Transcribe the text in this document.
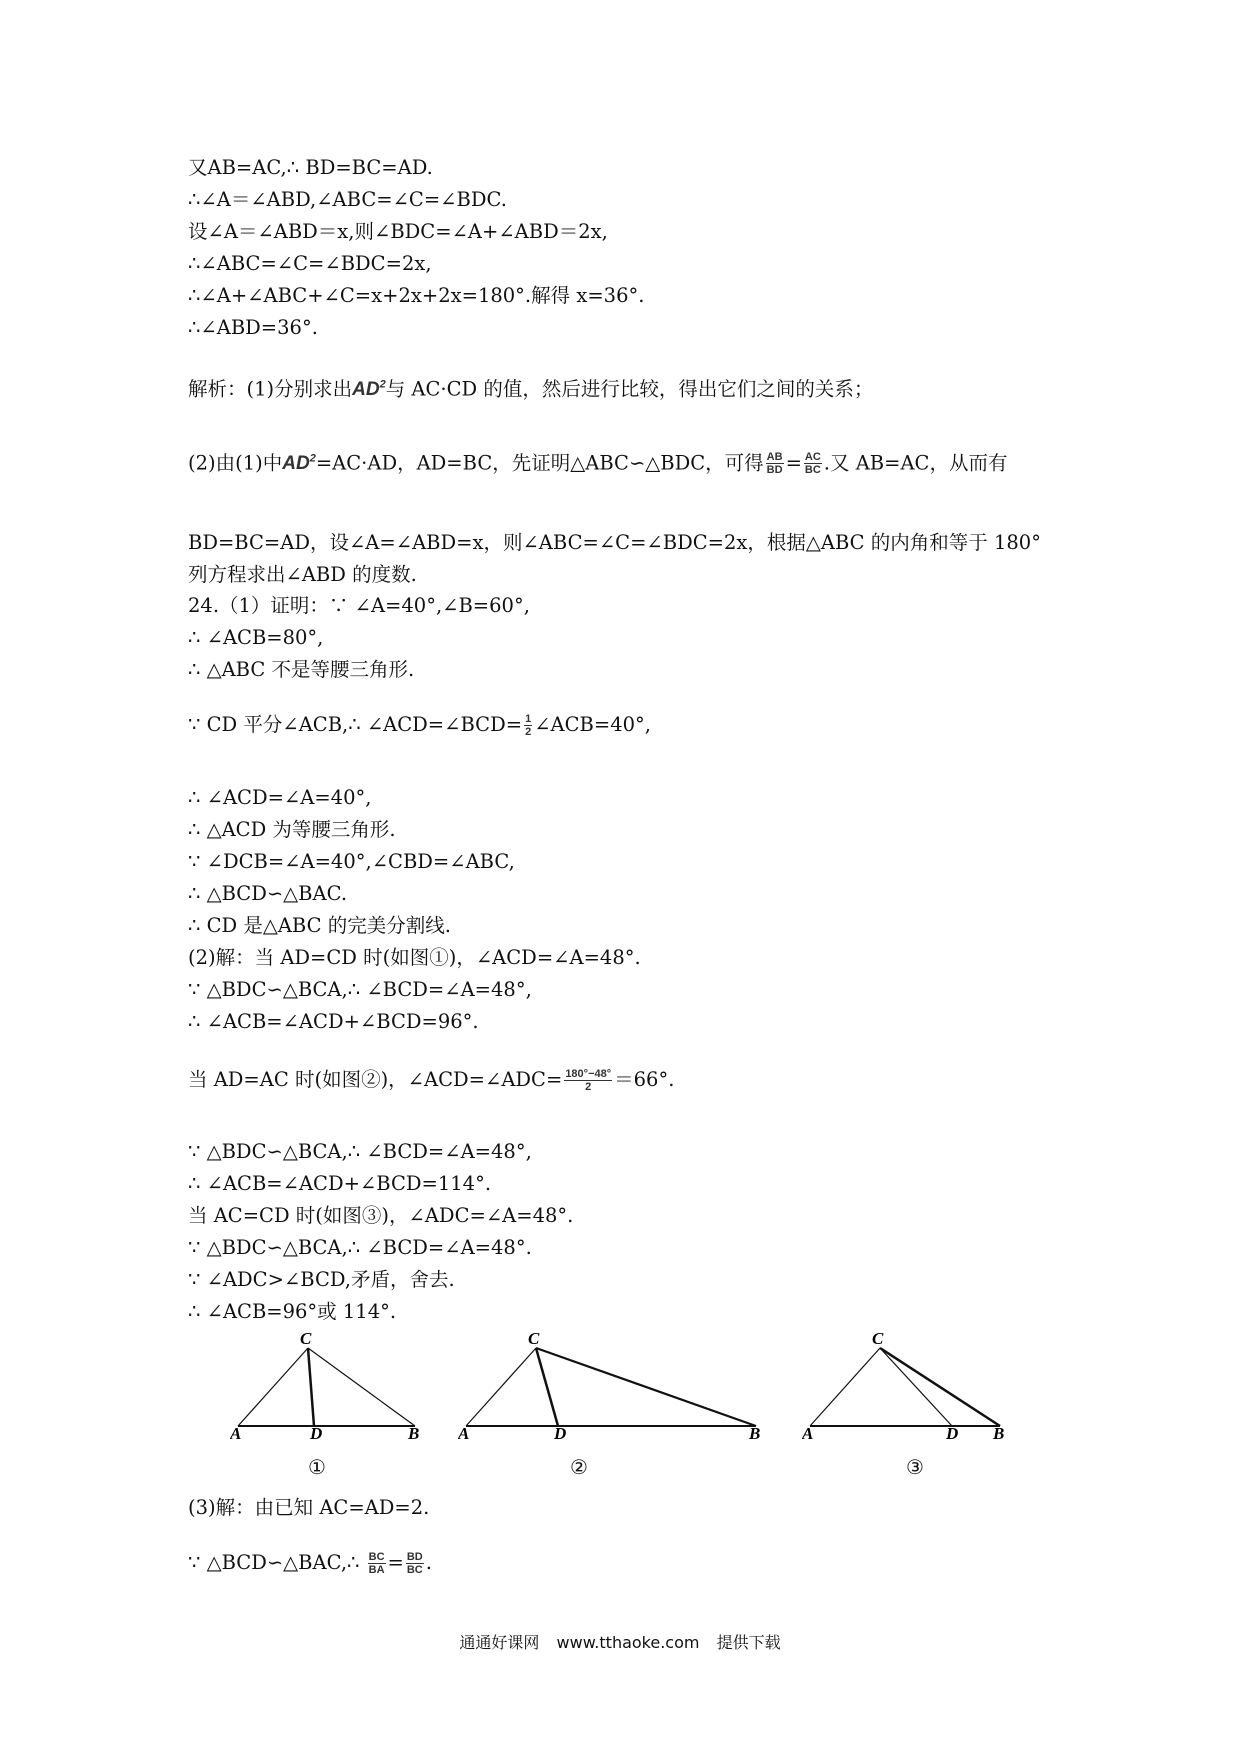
又AB=AC,∴ BD=BC=AD.
∴∠A＝∠ABD,∠ABC=∠C=∠BDC.
设∠A＝∠ABD＝x,则∠BDC=∠A+∠ABD＝2x,
∴∠ABC=∠C=∠BDC=2x,
∴∠A+∠ABC+∠C=x+2x+2x=180°.解得 x=36°.
∴∠ABD=36°.
BD=BC=AD，设∠A=∠ABD=x，则∠ABC=∠C=∠BDC=2x，根据△ABC 的内角和等于 180°
列方程求出∠ABD 的度数.
24.（1）证明：∵ ∠A=40°,∠B=60°,
∴ ∠ACB=80°,
∴ △ABC 不是等腰三角形.
∴ ∠ACD=∠A=40°,
∴ △ACD 为等腰三角形.
∵ ∠DCB=∠A=40°,∠CBD=∠ABC,
∴ △BCD∽△BAC.
∴ CD 是△ABC 的完美分割线.
(2)解：当 AD=CD 时(如图①)，∠ACD=∠A=48°.
∵ △BDC∽△BCA,∴ ∠BCD=∠A=48°,
∴ ∠ACB=∠ACD+∠BCD=96°.
∵ △BDC∽△BCA,∴ ∠BCD=∠A=48°,
∴ ∠ACB=∠ACD+∠BCD=114°.
当 AC=CD 时(如图③)，∠ADC=∠A=48°.
∵ △BDC∽△BCA,∴ ∠BCD=∠A=48°.
∵ ∠ADC>∠BCD,矛盾，舍去.
∴ ∠ACB=96°或 114°.
(3)解：由已知 AC=AD=2.
解析：(1)分别求出$AD^2$与 AC·CD 的值，然后进行比较，得出它们之间的关系；
(2)由(1)中$AD^2=AC\cdot AD$，AD=BC，先证明△ABC∽△BDC，可得 $\frac{AB}{BD} = \frac{AC}{BC}$ .又 AB=AC，从而有
∵ CD 平分∠ACB,∴ ∠ACD=∠BCD= $\frac{1}{2}$ ∠ACB=40°,
当 AD=AC 时(如图②)，∠ACD=∠ADC= $\frac{180^\circ-48^\circ}{2} =66^\circ$.
∵ △BCD∽△BAC,∴ $\frac{BC}{BA} = \frac{BD}{BC}$ .
C
A	D	B
①
C
A	D	B
②
C
A	D B
③
通通好课网 www.tthaoke.com 提供下载
